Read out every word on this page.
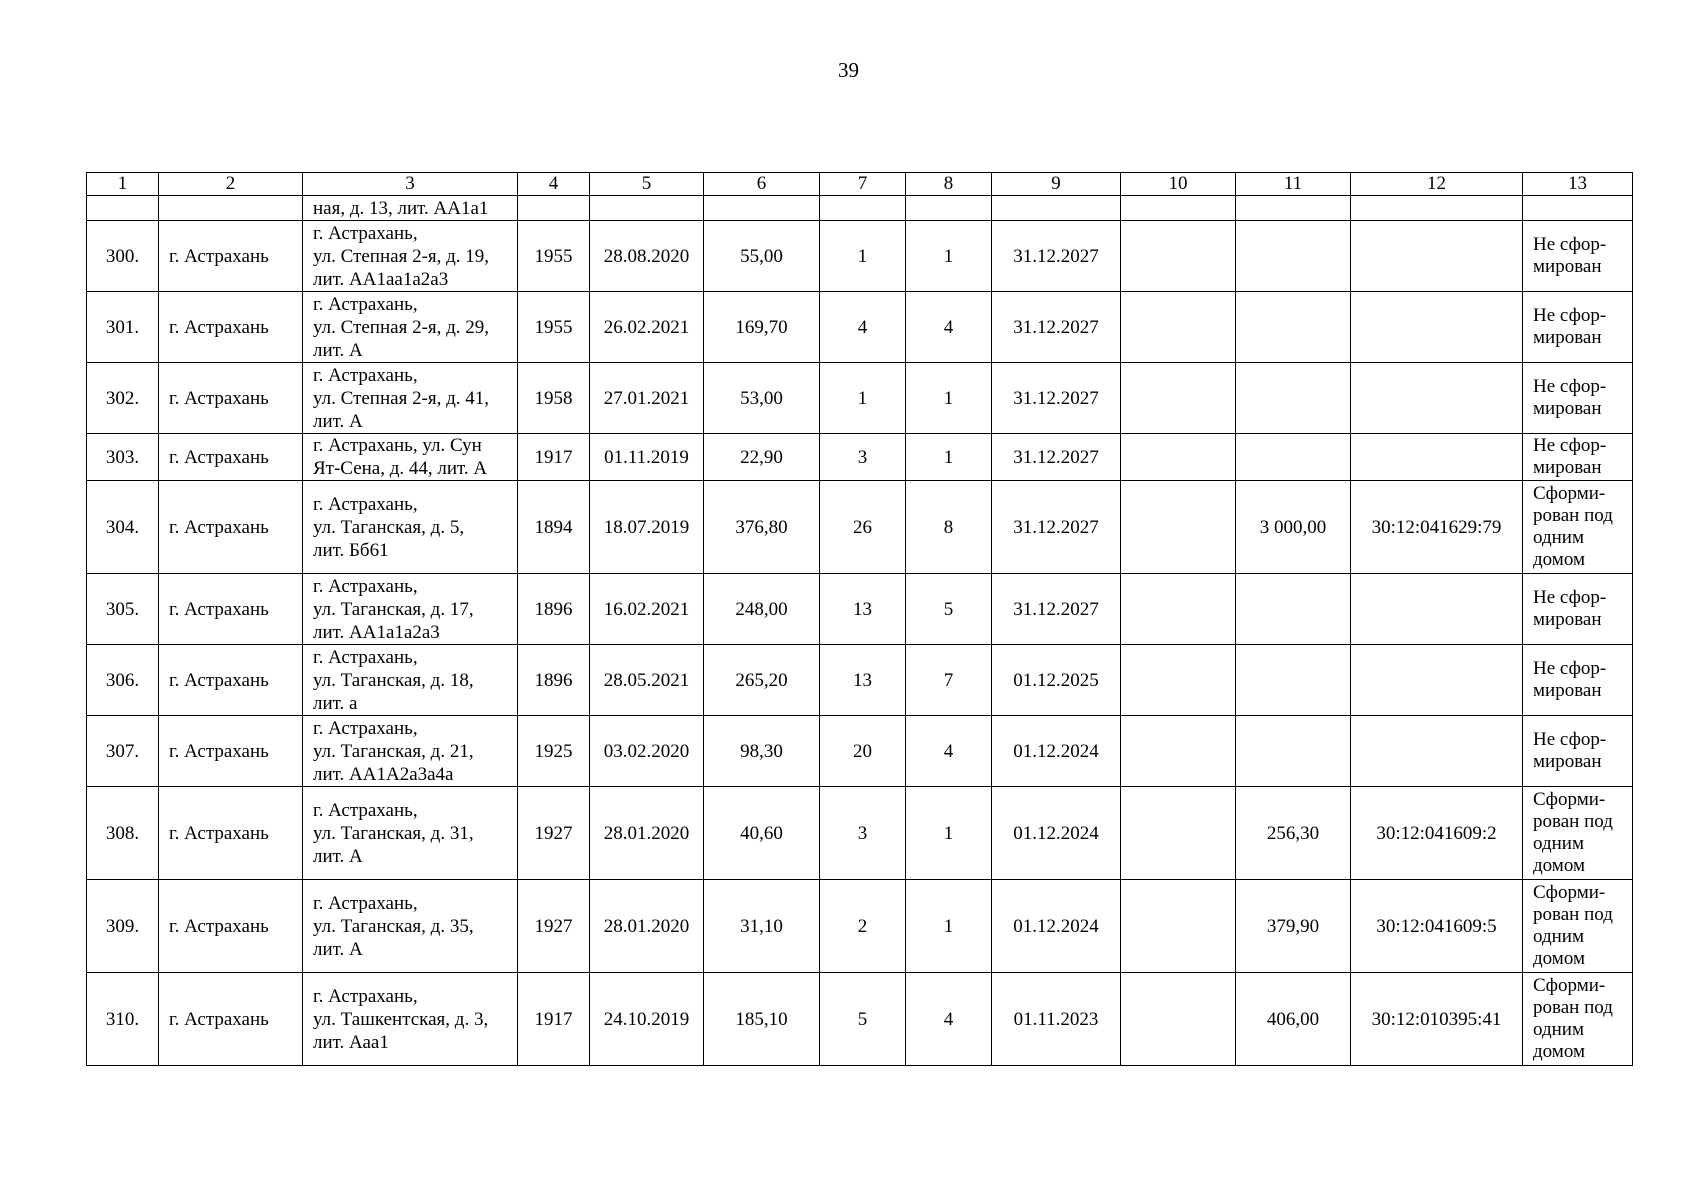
39
1	2	3	4	5	6	7	8	9	10	11	12	13
		ная, д. 13, лит. АА1а1										
300.	г. Астрахань	г. Астрахань,
ул. Степная 2-я, д. 19,
лит. АА1аа1а2а3	1955	28.08.2020	55,00	1	1	31.12.2027				Не сфор-
мирован

301.	г. Астрахань	г. Астрахань,
ул. Степная 2-я, д. 29,
лит. А	1955	26.02.2021	169,70	4	4	31.12.2027				Не сфор-
мирован

302.	г. Астрахань	г. Астрахань,
ул. Степная 2-я, д. 41,
лит. А	1958	27.01.2021	53,00	1	1	31.12.2027				Не сфор-
мирован

303.	г. Астрахань	г. Астрахань, ул. Сун
Ят-Сена, д. 44, лит. А	1917	01.11.2019	22,90	3	1	31.12.2027				Не сфор-
мирован

304.	г. Астрахань	г. Астрахань,
ул. Таганская, д. 5,
лит. Бб61	1894	18.07.2019	376,80	26	8	31.12.2027		3 000,00	30:12:041629:79	Сформи-
рован под
одним
домом

305.	г. Астрахань	г. Астрахань,
ул. Таганская, д. 17,
лит. АА1а1а2а3	1896	16.02.2021	248,00	13	5	31.12.2027				Не сфор-
мирован

306.	г. Астрахань	г. Астрахань,
ул. Таганская, д. 18,
лит. а	1896	28.05.2021	265,20	13	7	01.12.2025				Не сфор-
мирован

307.	г. Астрахань	г. Астрахань,
ул. Таганская, д. 21,
лит. АА1А2а3а4а	1925	03.02.2020	98,30	20	4	01.12.2024				Не сфор-
мирован

308.	г. Астрахань	г. Астрахань,
ул. Таганская, д. 31,
лит. А	1927	28.01.2020	40,60	3	1	01.12.2024		256,30	30:12:041609:2	Сформи-
рован под
одним
домом

309.	г. Астрахань	г. Астрахань,
ул. Таганская, д. 35,
лит. А	1927	28.01.2020	31,10	2	1	01.12.2024		379,90	30:12:041609:5	Сформи-
рован под
одним
домом

310.	г. Астрахань	г. Астрахань,
ул. Ташкентская, д. 3,
лит. Ааа1	1917	24.10.2019	185,10	5	4	01.11.2023		406,00	30:12:010395:41	Сформи-
рован под
одним
домом
